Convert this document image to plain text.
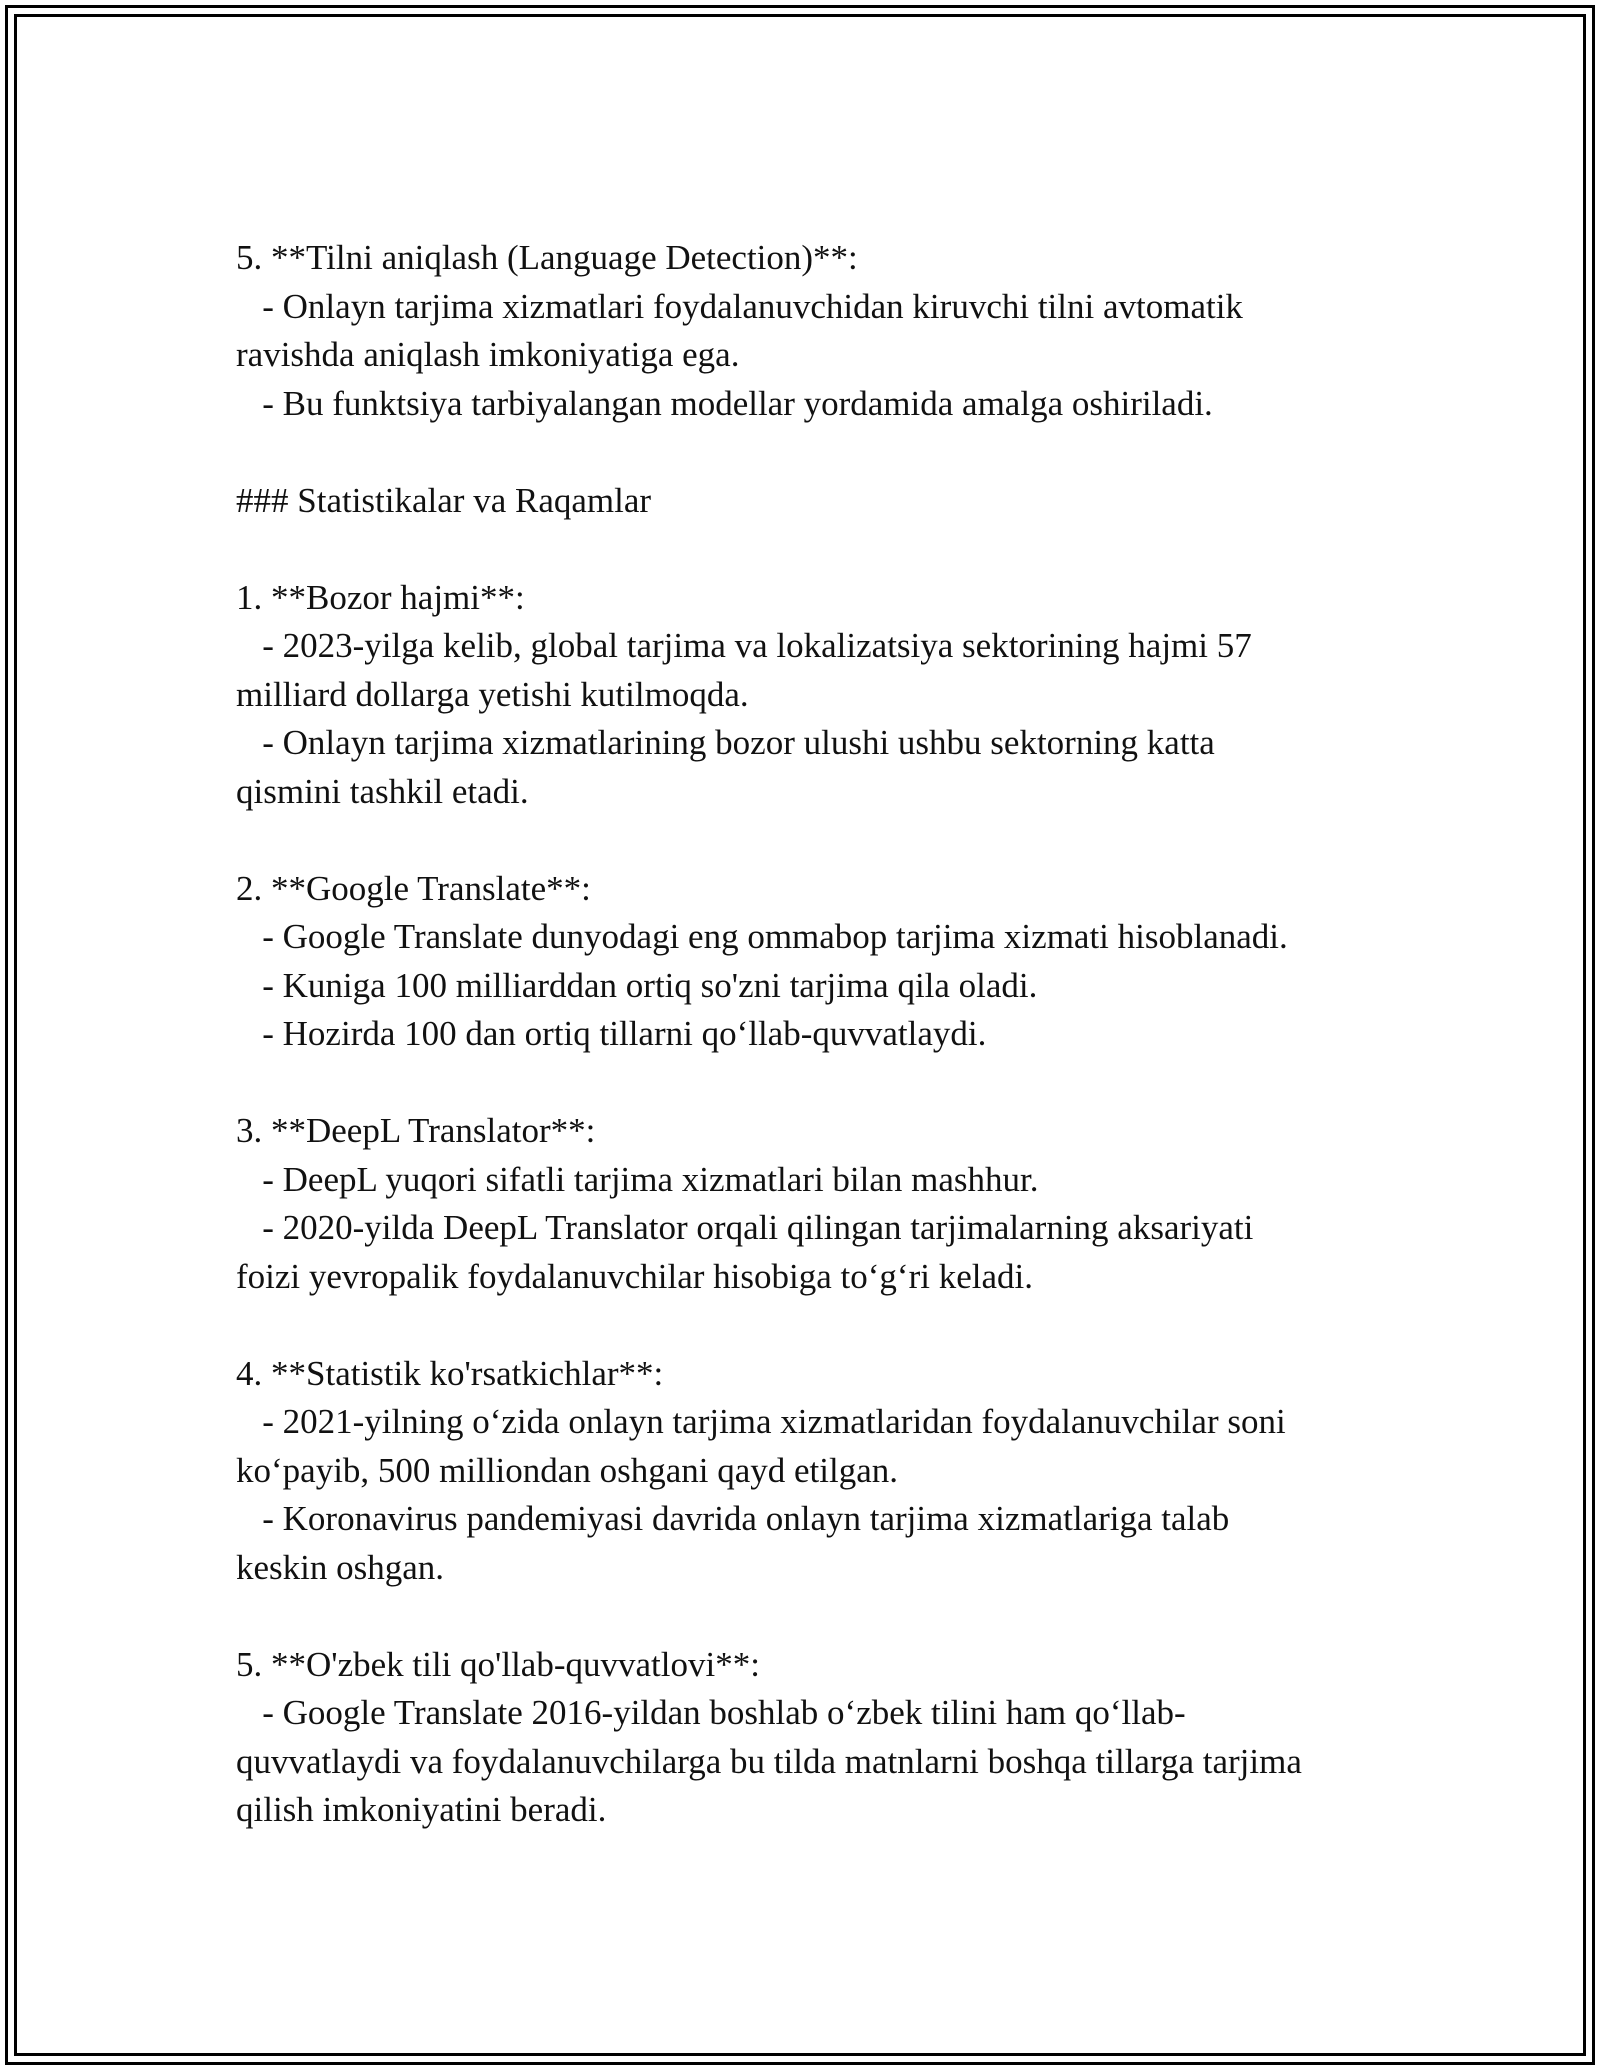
5. **Tilni aniqlash (Language Detection)**:

- Onlayn tarjima xizmatlari foydalanuvchidan kiruvchi tilni avtomatik

ravishda aniqlash imkoniyatiga ega.

- Bu funktsiya tarbiyalangan modellar yordamida amalga oshiriladi.

### Statistikalar va Raqamlar

1. **Bozor hajmi**:

- 2023-yilga kelib, global tarjima va lokalizatsiya sektorining hajmi 57

milliard dollarga yetishi kutilmoqda.

- Onlayn tarjima xizmatlarining bozor ulushi ushbu sektorning katta

qismini tashkil etadi.

2. **Google Translate**:

- Google Translate dunyodagi eng ommabop tarjima xizmati hisoblanadi.

- Kuniga 100 milliarddan ortiq so'zni tarjima qila oladi.

- Hozirda 100 dan ortiq tillarni qo‘llab-quvvatlaydi.

3. **DeepL Translator**:

- DeepL yuqori sifatli tarjima xizmatlari bilan mashhur.

- 2020-yilda DeepL Translator orqali qilingan tarjimalarning aksariyati

foizi yevropalik foydalanuvchilar hisobiga to‘g‘ri keladi.

4. **Statistik ko'rsatkichlar**:

- 2021-yilning o‘zida onlayn tarjima xizmatlaridan foydalanuvchilar soni

ko‘payib, 500 milliondan oshgani qayd etilgan.

- Koronavirus pandemiyasi davrida onlayn tarjima xizmatlariga talab

keskin oshgan.

5. **O'zbek tili qo'llab-quvvatlovi**:

- Google Translate 2016-yildan boshlab o‘zbek tilini ham qo‘llab-

quvvatlaydi va foydalanuvchilarga bu tilda matnlarni boshqa tillarga tarjima

qilish imkoniyatini beradi.
